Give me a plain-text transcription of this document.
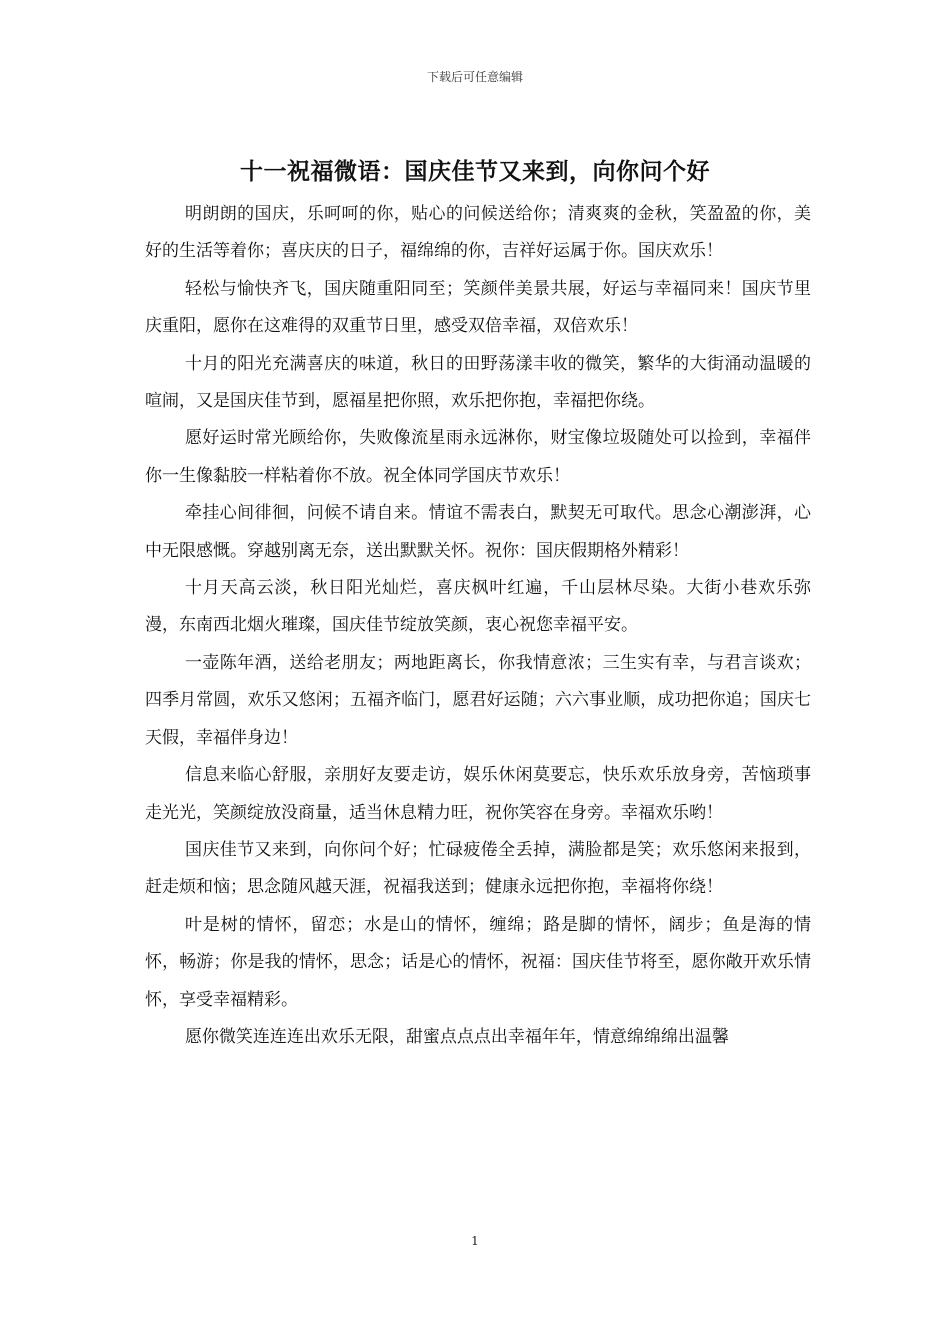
下载后可任意编辑
十一祝福微语：国庆佳节又来到，向你问个好

明朗朗的国庆，乐呵呵的你，贴心的问候送给你；清爽爽的金秋，笑盈盈的你，美好的生活等着你；喜庆庆的日子，福绵绵的你，吉祥好运属于你。国庆欢乐！

轻松与愉快齐飞，国庆随重阳同至；笑颜伴美景共展，好运与幸福同来！国庆节里庆重阳，愿你在这难得的双重节日里，感受双倍幸福，双倍欢乐！

十月的阳光充满喜庆的味道，秋日的田野荡漾丰收的微笑，繁华的大街涌动温暖的喧闹，又是国庆佳节到，愿福星把你照，欢乐把你抱，幸福把你绕。

愿好运时常光顾给你，失败像流星雨永远淋你，财宝像垃圾随处可以捡到，幸福伴你一生像黏胶一样粘着你不放。祝全体同学国庆节欢乐！

牵挂心间徘徊，问候不请自来。情谊不需表白，默契无可取代。思念心潮澎湃，心中无限感慨。穿越别离无奈，送出默默关怀。祝你：国庆假期格外精彩！

十月天高云淡，秋日阳光灿烂，喜庆枫叶红遍，千山层林尽染。大街小巷欢乐弥漫，东南西北烟火璀璨，国庆佳节绽放笑颜，衷心祝您幸福平安。

一壶陈年酒，送给老朋友；两地距离长，你我情意浓；三生实有幸，与君言谈欢；四季月常圆，欢乐又悠闲；五福齐临门，愿君好运随；六六事业顺，成功把你追；国庆七天假，幸福伴身边！

信息来临心舒服，亲朋好友要走访，娱乐休闲莫要忘，快乐欢乐放身旁，苦恼琐事走光光，笑颜绽放没商量，适当休息精力旺，祝你笑容在身旁。幸福欢乐哟！

国庆佳节又来到，向你问个好；忙碌疲倦全丢掉，满脸都是笑；欢乐悠闲来报到，赶走烦和恼；思念随风越天涯，祝福我送到；健康永远把你抱，幸福将你绕！

叶是树的情怀，留恋；水是山的情怀，缠绵；路是脚的情怀，阔步；鱼是海的情怀，畅游；你是我的情怀，思念；话是心的情怀，祝福：国庆佳节将至，愿你敞开欢乐情怀，享受幸福精彩。

愿你微笑连连连出欢乐无限，甜蜜点点点出幸福年年，情意绵绵绵出温馨

1
